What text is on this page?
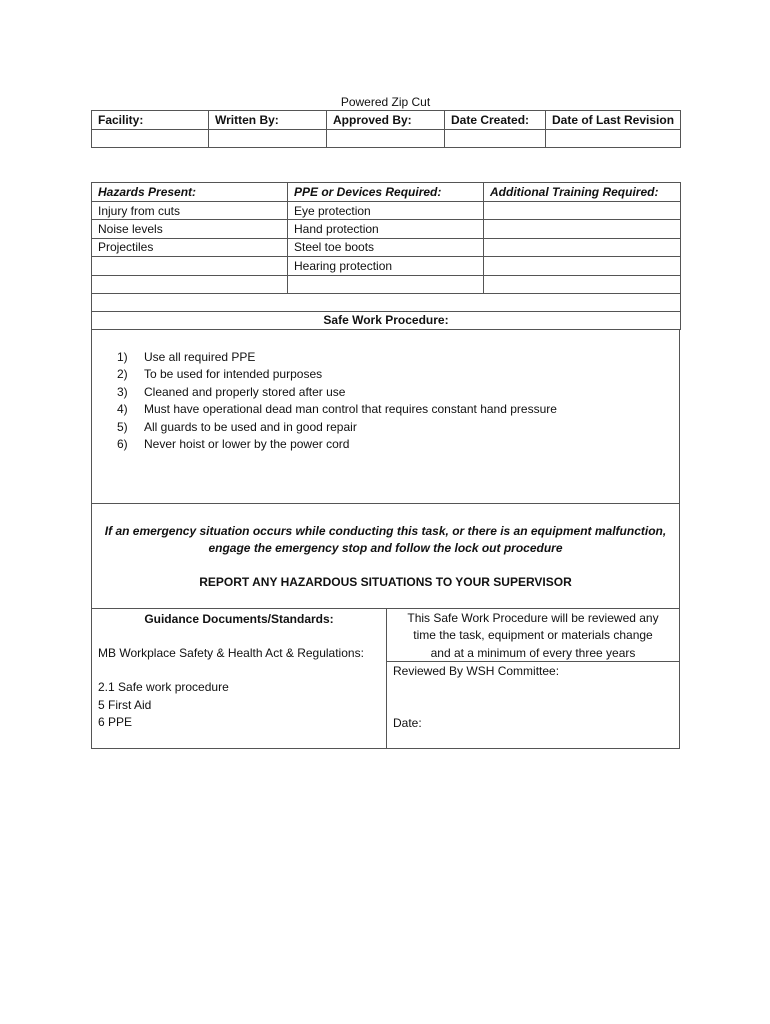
Powered Zip Cut
Facility:	Written By:	Approved By:	Date Created:	Date of Last Revision

Hazards Present:	PPE or Devices Required:	Additional Training Required:
Injury from cuts	Eye protection	
Noise levels	Hand protection	
Projectiles	Steel toe boots	
	Hearing protection	

Safe Work Procedure:		
1)	Use all required PPE
2)	To be used for intended purposes
3)	Cleaned and properly stored after use
4)	Must have operational dead man control that requires constant hand pressure
5)	All guards to be used and in good repair
6)	Never hoist or lower by the power cord
If an emergency situation occurs while conducting this task, or there is an equipment malfunction,
engage the emergency stop and follow the lock out procedure
REPORT ANY HAZARDOUS SITUATIONS TO YOUR SUPERVISOR
Guidance Documents/Standards:
MB Workplace Safety & Health Act & Regulations:
2.1 Safe work procedure
5 First Aid
6 PPE
This Safe Work Procedure will be reviewed any
time the task, equipment or materials change
and at a minimum of every three years
Reviewed By WSH Committee:
Date:
